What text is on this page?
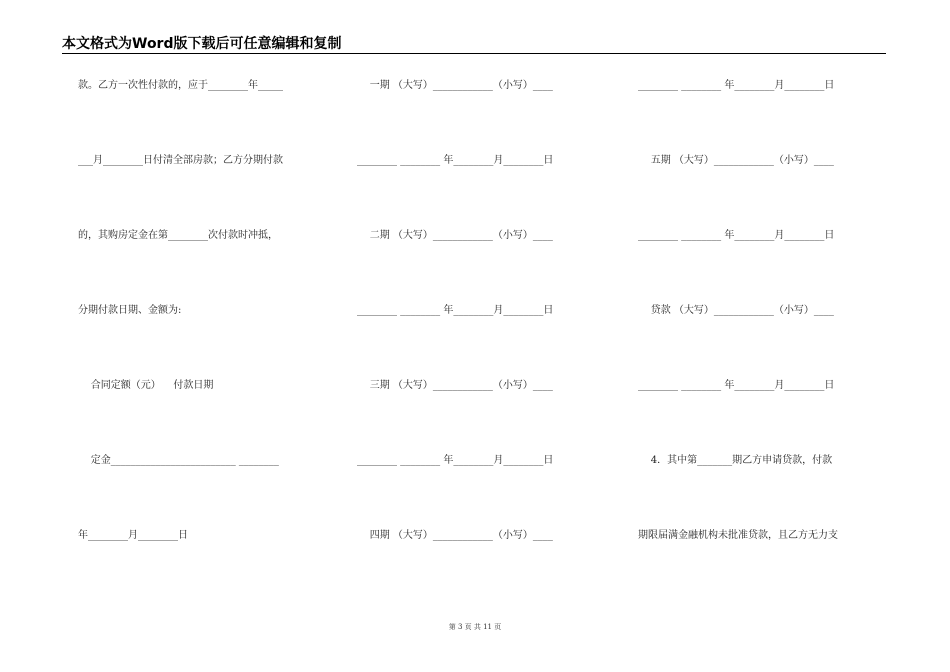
本文格式为Word版下载后可任意编辑和复制
款。乙方一次性付款的，应于________年_____
___月________日付清全部房款；乙方分期付款
的，其购房定金在第________次付款时冲抵，
分期付款日期、金额为:
合同定额（元）    付款日期
定金_________________________ ________
年________月________日
一期 （大写）____________（小写）____
________ ________ 年________月________日
二期 （大写）____________（小写）____
________ ________ 年________月________日
三期 （大写）____________（小写）____
________ ________ 年________月________日
四期 （大写）____________（小写）____
________ ________ 年________月________日
五期 （大写）____________（小写）____
________ ________ 年________月________日
贷款 （大写）____________（小写）____
________ ________ 年________月________日
4．其中第_______期乙方申请贷款，付款
期限届满金融机构未批准贷款，且乙方无力支
第 3 页 共 11 页
